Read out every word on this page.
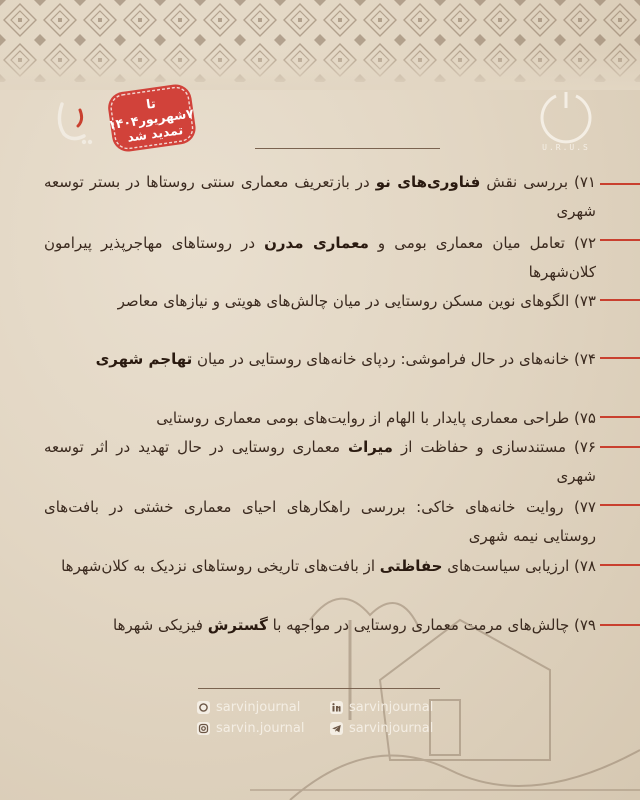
تا ۷شهریور۱۴۰۴
تمدید شد
U.R.U.S
۷۱) بررسی نقش فناوری‌های نو در بازتعریف معماری سنتی روستاها در بستر توسعه شهری
۷۲) تعامل میان معماری بومی و معماری مدرن در روستاهای مهاجرپذیر پیرامون کلان‌شهرها
۷۳) الگوهای نوین مسکن روستایی در میان چالش‌های هویتی و نیازهای معاصر
۷۴) خانه‌های در حال فراموشی: ردپای خانه‌های روستایی در میان تهاجم شهری
۷۵) طراحی معماری پایدار با الهام از روایت‌های بومی معماری روستایی
۷۶) مستندسازی و حفاظت از میراث معماری روستایی در حال تهدید در اثر توسعه شهری
۷۷) روایت خانه‌های خاکی: بررسی راهکارهای احیای معماری خشتی در بافت‌های روستایی نیمه شهری
۷۸) ارزیابی سیاست‌های حفاظتی از بافت‌های تاریخی روستاهای نزدیک به کلان‌شهرها
۷۹) چالش‌های مرمت معماری روستایی در مواجهه با گسترش فیزیکی شهرها
sarvinjournal	sarvinjournal
sarvin.journal	sarvinjournal
